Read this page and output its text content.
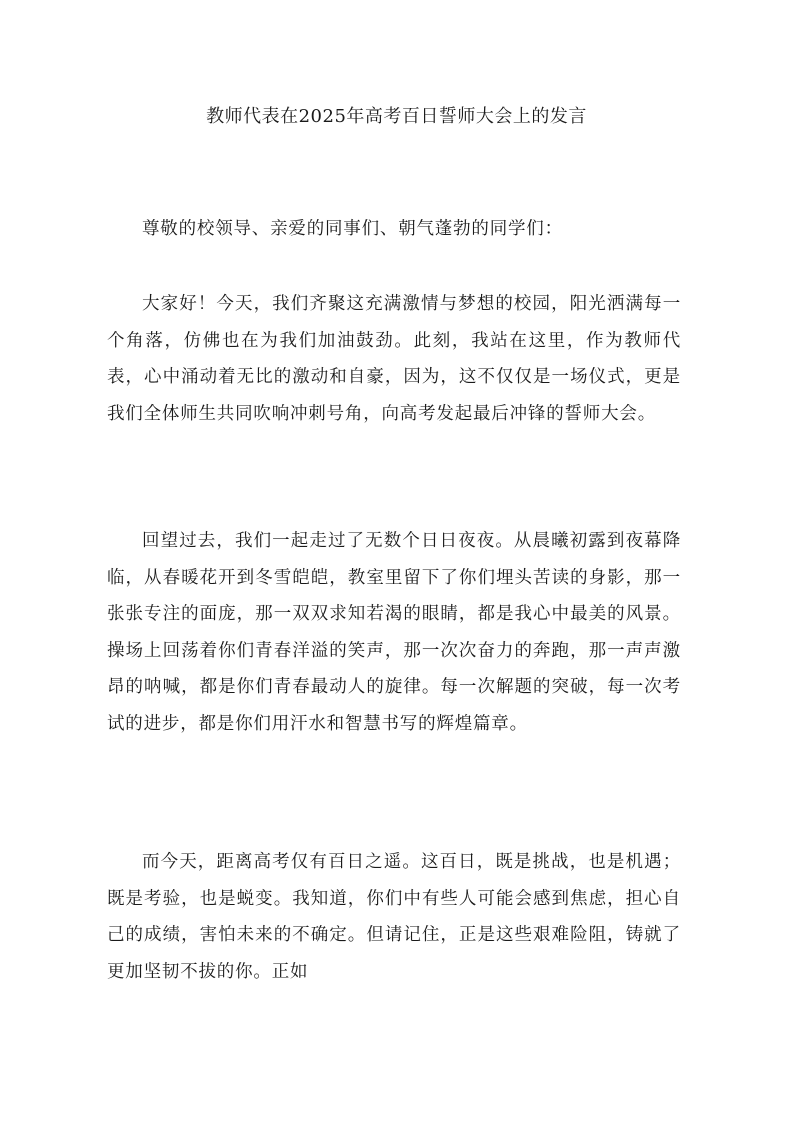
教师代表在2025年高考百日誓师大会上的发言

尊敬的校领导、亲爱的同事们、朝气蓬勃的同学们：

大家好！今天，我们齐聚这充满激情与梦想的校园，阳光洒满每一个角落，仿佛也在为我们加油鼓劲。此刻，我站在这里，作为教师代表，心中涌动着无比的激动和自豪，因为，这不仅仅是一场仪式，更是我们全体师生共同吹响冲刺号角，向高考发起最后冲锋的誓师大会。

回望过去，我们一起走过了无数个日日夜夜。从晨曦初露到夜幕降临，从春暖花开到冬雪皑皑，教室里留下了你们埋头苦读的身影，那一张张专注的面庞，那一双双求知若渴的眼睛，都是我心中最美的风景。操场上回荡着你们青春洋溢的笑声，那一次次奋力的奔跑，那一声声激昂的呐喊，都是你们青春最动人的旋律。每一次解题的突破，每一次考试的进步，都是你们用汗水和智慧书写的辉煌篇章。

而今天，距离高考仅有百日之遥。这百日，既是挑战，也是机遇；既是考验，也是蜕变。我知道，你们中有些人可能会感到焦虑，担心自己的成绩，害怕未来的不确定。但请记住，正是这些艰难险阻，铸就了更加坚韧不拔的你。正如
